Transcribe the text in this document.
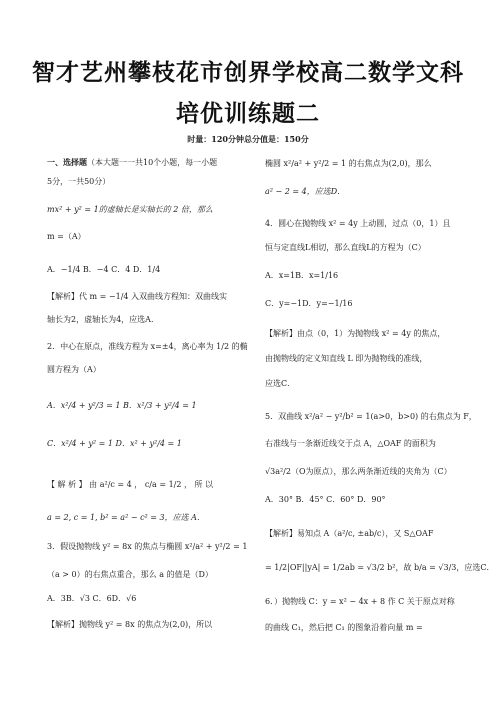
智才艺州攀枝花市创界学校高二数学文科
培优训练题二
时量：120分钟总分值是：150分
一、选择题（本大题一一共10个小题，每一小题
5分，一共50分）
mx² + y² = 1的虚轴长是实轴长的 2 倍，那么
m =（A）
A．−1/4 B．−4 C．4 D．1/4
【解析】代 m = −1/4 入双曲线方程知：双曲线实
轴长为2，虚轴长为4，应选A．
2．中心在原点，准线方程为 x=±4，离心率为 1/2 的椭
圆方程为（A）
A．x²/4 + y²/3 = 1 B．x²/3 + y²/4 = 1
C．x²/4 + y² = 1 D．x² + y²/4 = 1
【 解 析 】 由 a²/c = 4 ， c/a = 1/2 ， 所 以
a = 2, c = 1, b² = a² − c² = 3，应选 A．
3．假设抛物线 y² = 8x 的焦点与椭圆 x²/a² + y²/2 = 1
（a > 0）的右焦点重合，那么 a 的值是（D）
A．3B．√3 C．6D．√6
【解析】抛物线 y² = 8x 的焦点为(2,0)，所以
椭圆 x²/a² + y²/2 = 1 的右焦点为(2,0)，那么
a² − 2 = 4，应选D．
4．圆心在抛物线 x² = 4y 上动圆，过点（0，1）且
恒与定直线L相切，那么直线L的方程为（C）
A．x=1B．x=1/16
C．y=−1D．y=−1/16
【解析】由点（0，1）为抛物线 x² = 4y 的焦点，
由抛物线的定义知直线 L 即为抛物线的准线，
应选C．
5．双曲线 x²/a² − y²/b² = 1(a>0，b>0) 的右焦点为 F，
右准线与一条渐近线交于点 A，△OAF 的面积为
√3a²/2（O为原点），那么两条渐近线的夹角为（C）
A．30° B．45° C．60° D．90°
【解析】易知点 A（a²/c, ±ab/c），又 S△OAF
= 1/2|OF||yA| = 1/2ab = √3/2 b²，故 b/a = √3/3，应选C．
6．）抛物线 C：y = x² − 4x + 8 作 C 关于原点对称
的曲线 C₁，然后把 C₁ 的图象沿着向量 m =
